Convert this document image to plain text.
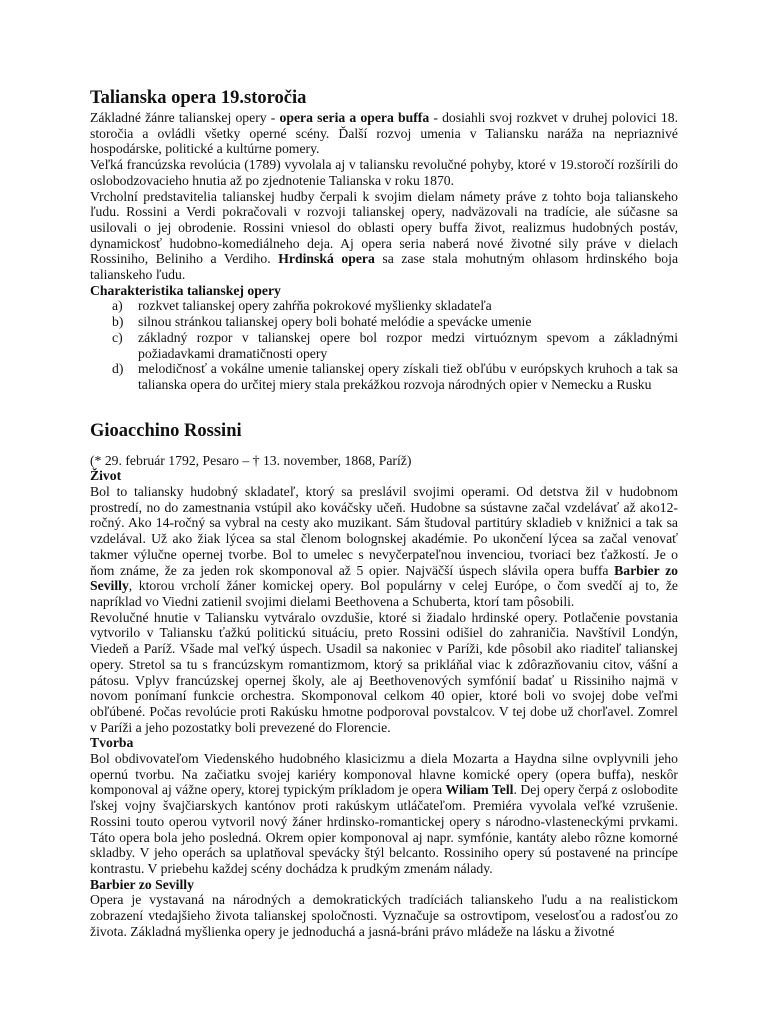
Talianska opera 19.storočia

Základné žánre talianskej opery - opera seria a opera buffa - dosiahli svoj rozkvet v druhej polovici 18. storočia a ovládli všetky operné scény. Ďalší rozvoj umenia v Taliansku naráža na nepriaznivé hospodárske, politické a kultúrne pomery.

Veľká francúzska revolúcia (1789) vyvolala aj v taliansku revolučné pohyby, ktoré v 19.storočí rozšírili do oslobodzovacieho hnutia až po zjednotenie Talianska v roku 1870.

Vrcholní predstavitelia talianskej hudby čerpali k svojim dielam námety práve z tohto boja talianskeho ľudu. Rossini a Verdi pokračovali v rozvoji talianskej opery, nadväzovali na tradície, ale súčasne sa usilovali o jej obrodenie. Rossini vniesol do oblasti opery buffa život, realizmus hudobných postáv, dynamickosť hudobno-komediálneho deja. Aj opera seria naberá nové životné sily práve v dielach Rossiniho, Beliniho a Verdiho. Hrdinská opera sa zase stala mohutným ohlasom hrdinského boja talianskeho ľudu.

Charakteristika talianskej opery

a) rozkvet talianskej opery zahŕňa pokrokové myšlienky skladateľa
b) silnou stránkou talianskej opery boli bohaté melódie a spevácke umenie
c) základný rozpor v talianskej opere bol rozpor medzi virtuóznym spevom a základnými požiadavkami dramatičnosti opery
d) melodičnosť a vokálne umenie talianskej opery získali tiež obľúbu v európskych kruhoch a tak sa talianska opera do určitej miery stala prekážkou rozvoja národných opier v Nemecku a Rusku
Gioacchino Rossini

(* 29. február 1792, Pesaro – † 13. november, 1868, Paríž)

Život

Bol to taliansky hudobný skladateľ, ktorý sa preslávil svojimi operami. Od detstva žil v hudobnom prostredí, no do zamestnania vstúpil ako kováčsky učeň. Hudobne sa sústavne začal vzdelávať až ako12-ročný. Ako 14-ročný sa vybral na cesty ako muzikant. Sám študoval partitúry skladieb v knižnici a tak sa vzdelával. Už ako žiak lýcea sa stal členom bolognskej akadémie. Po ukončení lýcea sa začal venovať takmer výlučne opernej tvorbe. Bol to umelec s nevyčerpateľnou invenciou, tvoriaci bez ťažkostí. Je o ňom známe, že za jeden rok skomponoval až 5 opier. Najväčší úspech slávila opera buffa Barbier zo Sevilly, ktorou vrcholí žáner komickej opery. Bol populárny v celej Európe, o čom svedčí aj to, že napríklad vo Viedni zatienil svojimi dielami Beethovena a Schuberta, ktorí tam pôsobili.

Revolučné hnutie v Taliansku vytváralo ovzdušie, ktoré si žiadalo hrdinské opery. Potlačenie povstania vytvorilo v Taliansku ťažkú politickú situáciu, preto Rossini odišiel do zahraničia. Navštívil Londýn, Viedeň a Paríž. Všade mal veľký úspech. Usadil sa nakoniec v Paríži, kde pôsobil ako riaditeľ talianskej opery. Stretol sa tu s francúzskym romantizmom, ktorý sa prikláňal viac k zdôrazňovaniu citov, vášní a pátosu. Vplyv francúzskej opernej školy, ale aj Beethovenových symfónií badať u Rissiniho najmä v novom ponímaní funkcie orchestra. Skomponoval celkom 40 opier, ktoré boli vo svojej dobe veľmi obľúbené. Počas revolúcie proti Rakúsku hmotne podporoval povstalcov. V tej dobe už chorľavel. Zomrel v Paríži a jeho pozostatky boli prevezené do Florencie.

Tvorba

Bol obdivovateľom Viedenského hudobného klasicizmu a diela Mozarta a Haydna silne ovplyvnili jeho opernú tvorbu. Na začiatku svojej kariéry komponoval hlavne komické opery (opera buffa), neskôr komponoval aj vážne opery, ktorej typickým príkladom je opera Wiliam Tell. Dej opery čerpá z oslobodite ľskej vojny švajčiarskych kantónov proti rakúskym utláčateľom. Premiéra vyvolala veľké vzrušenie. Rossini touto operou vytvoril nový žáner hrdinsko-romantickej opery s národno-vlasteneckými prvkami. Táto opera bola jeho posledná. Okrem opier komponoval aj napr. symfónie, kantáty alebo rôzne komorné skladby. V jeho operách sa uplatňoval spevácky štýl belcanto. Rossiniho opery sú postavené na princípe kontrastu. V priebehu každej scény dochádza k prudkým zmenám nálady.

Barbier zo Sevilly

Opera je vystavaná na národných a demokratických tradíciách talianskeho ľudu a na realistickom zobrazení vtedajšieho života talianskej spoločnosti. Vyznačuje sa ostrovtipom, veselosťou a radosťou zo života. Základná myšlienka opery je jednoduchá a jasná-bráni právo mládeže na lásku a životné
